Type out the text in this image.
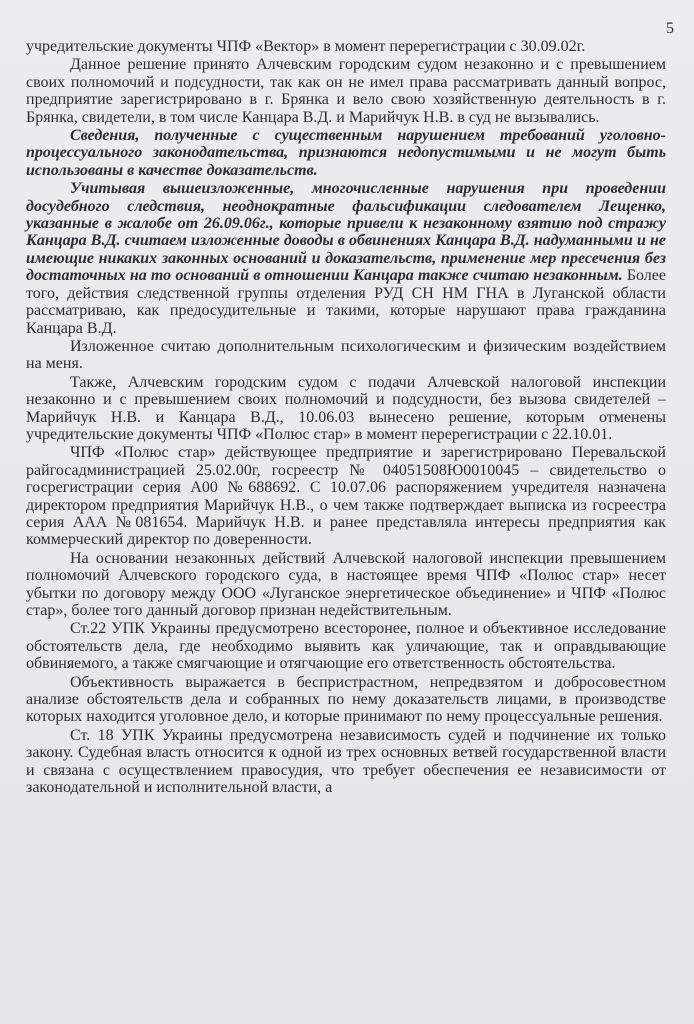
5

учредительские документы ЧПФ «Вектор» в момент перерегистрации с 30.09.02г.

Данное решение принято Алчевским городским судом незаконно и с превышением своих полномочий и подсудности, так как он не имел права рассматривать данный вопрос, предприятие зарегистрировано в г. Брянка и вело свою хозяйственную деятельность в г. Брянка, свидетели, в том числе Канцара В.Д. и Марийчук Н.В. в суд не вызывались.

Сведения, полученные с существенным нарушением требований уголовно-процессуального законодательства, признаются недопустимыми и не могут быть использованы в качестве доказательств.

Учитывая вышеизложенные, многочисленные нарушения при проведении досудебного следствия, неоднократные фальсификации следователем Лещенко, указанные в жалобе от 26.09.06г., которые привели к незаконному взятию под стражу Канцара В.Д. считаем изложенные доводы в обвинениях Канцара В.Д. надуманными и не имеющие никаких законных оснований и доказательств, применение мер пресечения без достаточных на то оснований в отношении Канцара также считаю незаконным. Более того, действия следственной группы отделения РУД СН НМ ГНА в Луганской области рассматриваю, как предосудительные и такими, которые нарушают права гражданина Канцара В.Д.

Изложенное считаю дополнительным психологическим и физическим воздействием на меня.

Также, Алчевским городским судом с подачи Алчевской налоговой инспекции незаконно и с превышением своих полномочий и подсудности, без вызова свидетелей – Марийчук Н.В. и Канцара В.Д., 10.06.03 вынесено решение, которым отменены учредительские документы ЧПФ «Полюс стар» в момент перерегистрации с 22.10.01.

ЧПФ «Полюс стар» действующее предприятие и зарегистрировано Перевальской райгосадминистрацией 25.02.00г, госреестр № 04051508Ю0010045 – свидетельство о госрегистрации серия А00 №688692. С 10.07.06 распоряжением учредителя назначена директором предприятия Марийчук Н.В., о чем также подтверждает выписка из госреестра серия ААА №081654. Марийчук Н.В. и ранее представляла интересы предприятия как коммерческий директор по доверенности.

На основании незаконных действий Алчевской налоговой инспекции превышением полномочий Алчевского городского суда, в настоящее время ЧПФ «Полюс стар» несет убытки по договору между ООО «Луганское энергетическое объединение» и ЧПФ «Полюс стар», более того данный договор признан недействительным.

Ст.22 УПК Украины предусмотрено всесторонее, полное и объективное исследование обстоятельств дела, где необходимо выявить как уличающие, так и оправдывающие обвиняемого, а также смягчающие и отягчающие его ответственность обстоятельства.

Объективность выражается в беспристрастном, непредвзятом и добросовестном анализе обстоятельств дела и собранных по нему доказательств лицами, в производстве которых находится уголовное дело, и которые принимают по нему процессуальные решения.

Ст. 18 УПК Украины предусмотрена независимость судей и подчинение их только закону. Судебная власть относится к одной из трех основных ветвей государственной власти и связана с осуществлением правосудия, что требует обеспечения ее независимости от законодательной и исполнительной власти, а
